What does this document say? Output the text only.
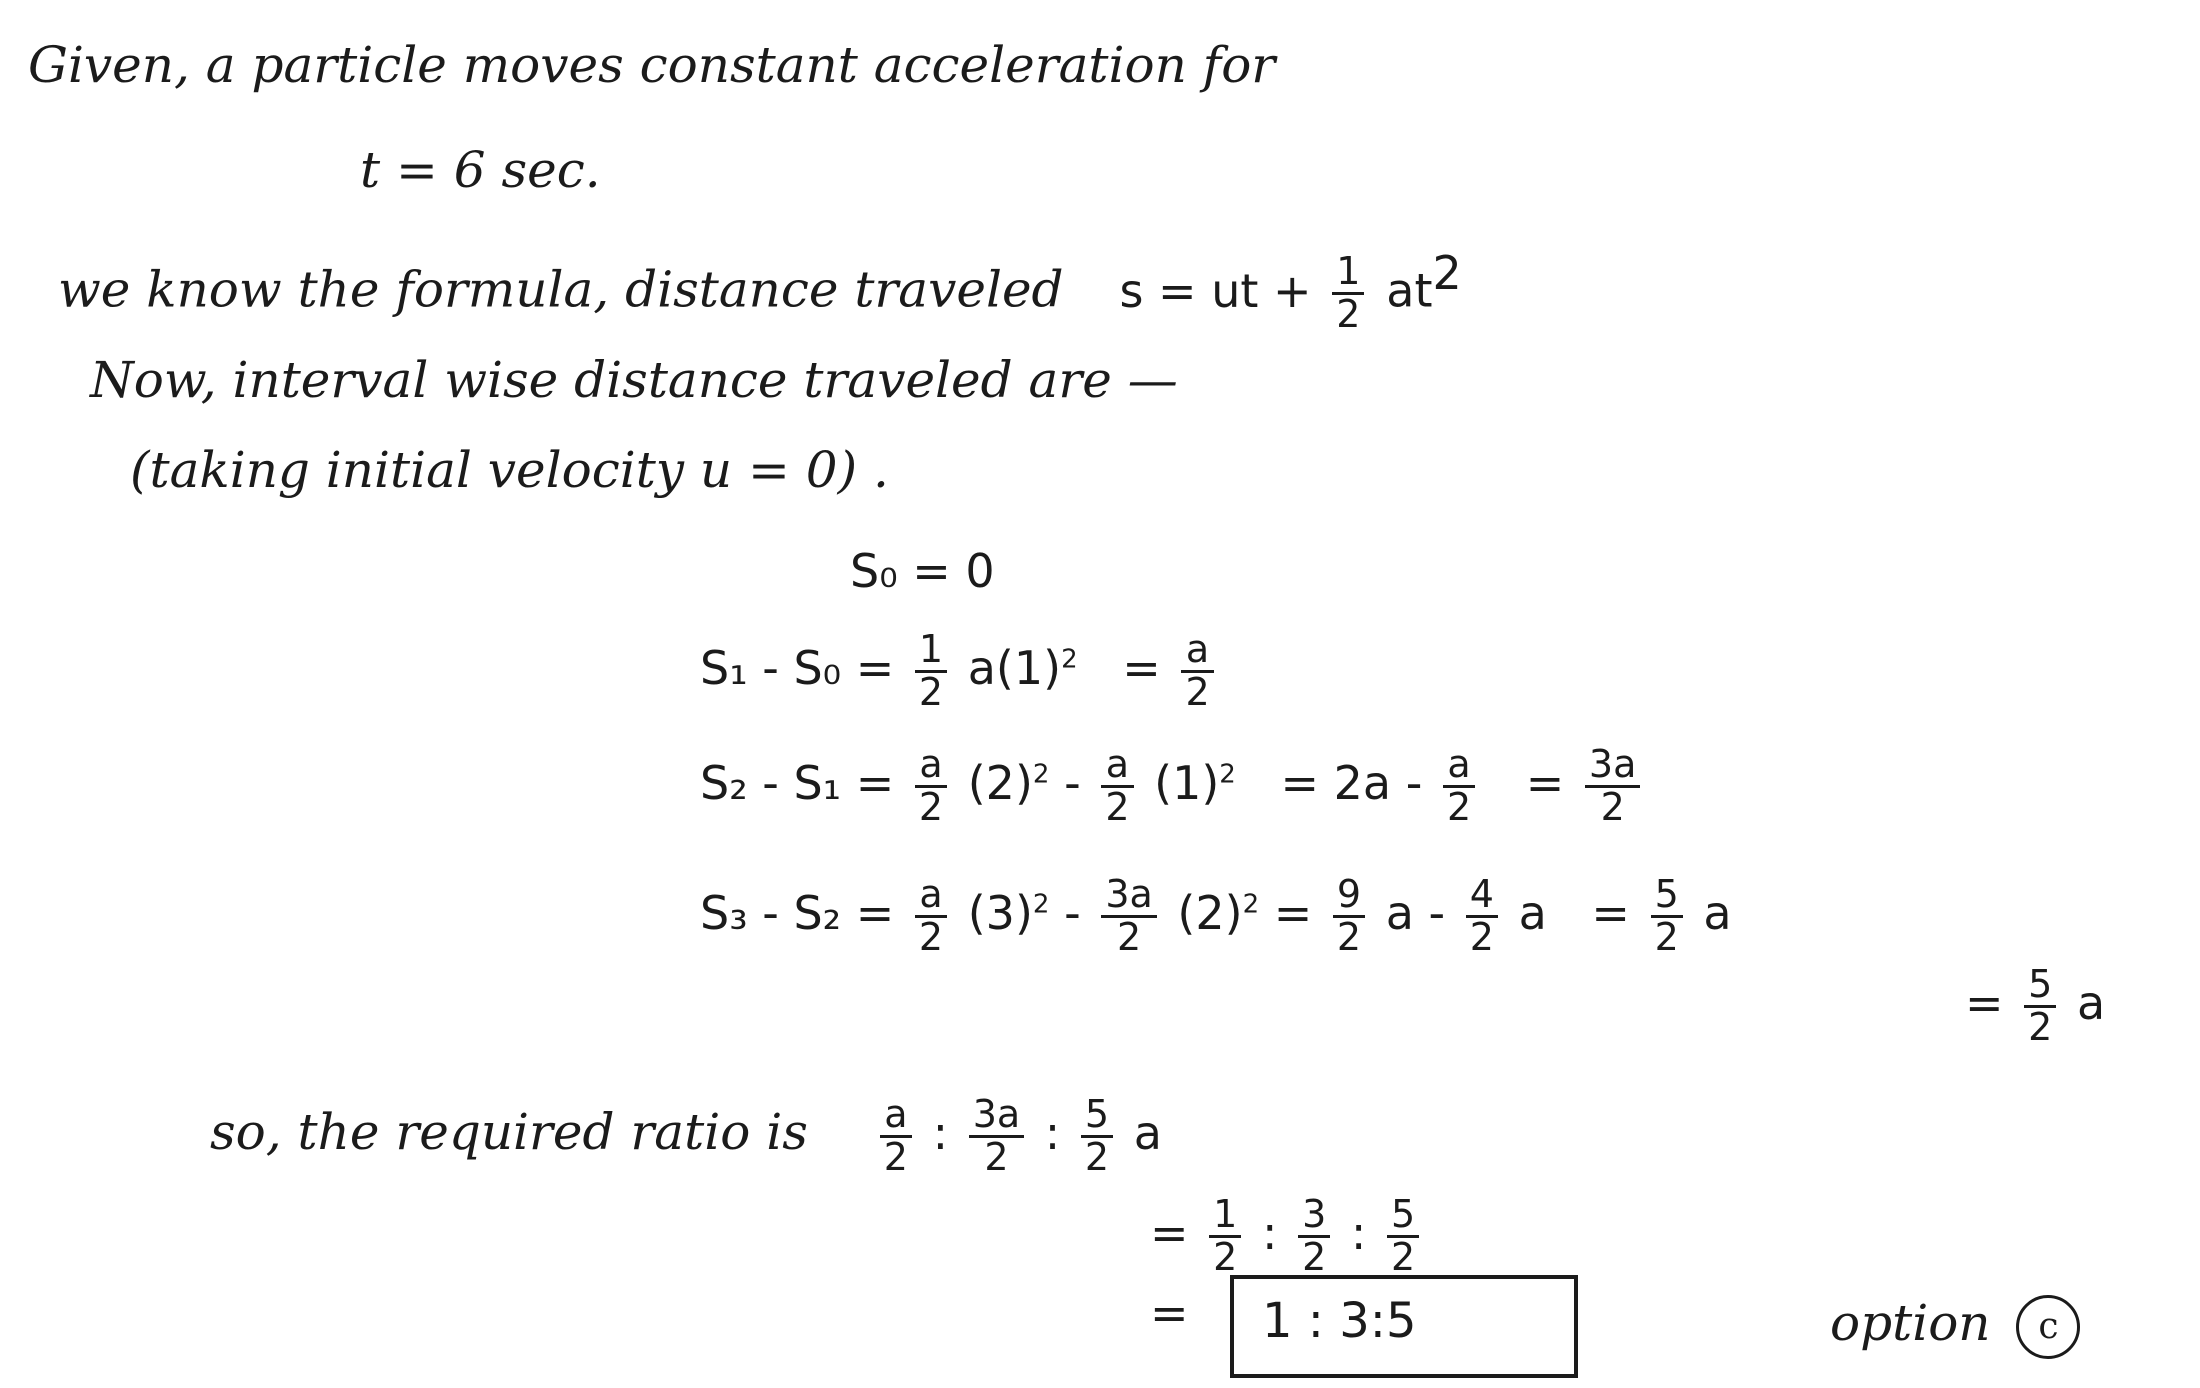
Given, a particle moves constant acceleration for
t = 6 sec.
we know the formula, distance traveled s = ut + $\frac{1}{2} at^2$
Now, interval wise distance traveled are —
(taking initial velocity u = 0) .
S₀ = 0
$S_1 - S_0 = \frac{1}{2} a(1)^2 = \frac{a}{2}$
$S_2 - S_1 = \frac{a}{2} (2)^2 - \frac{a}{2} (1)^2 = 2a - \frac{a}{2} = \frac{3a}{2}$
$S_3 - S_2 = \frac{a}{2} (3)^2 - \frac{3a}{2} (2)^2 = \frac{9}{2}$ a - $\frac{4}{2}$ $a = \frac{5}{2}$ a
= $\frac{5}{2}$ a
so, the required ratio is $\frac{a}{2}$ : $\frac{3a}{2}$ : $\frac{5}{2}$ a
= $\frac{1}{2}$ : $\frac{3}{2}$ : $\frac{5}{2}$
= 1 : 3:5	option c
